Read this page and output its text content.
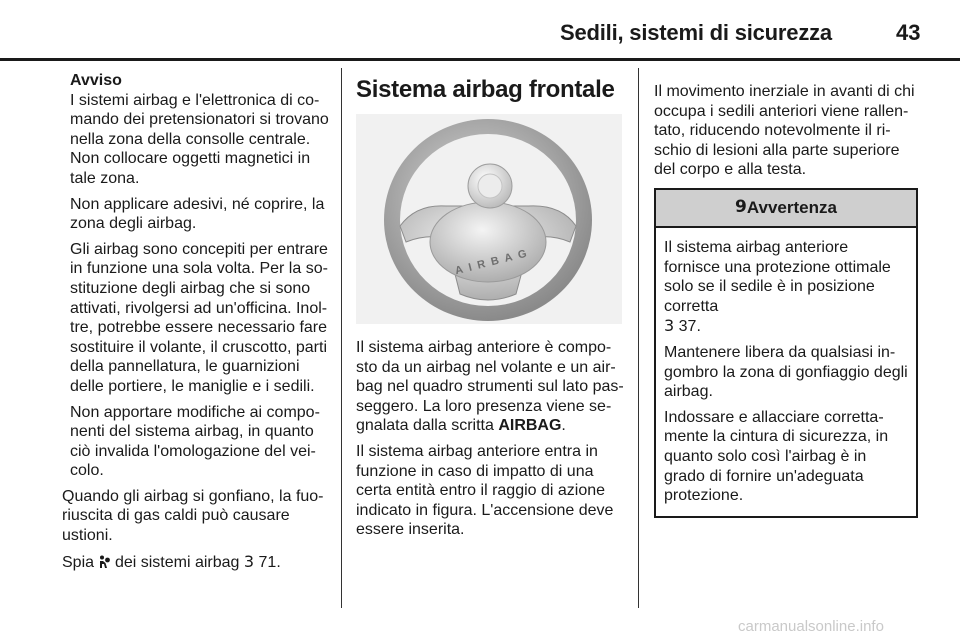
Sedili, sistemi di sicurezza	43

Avviso

I sistemi airbag e l'elettronica di co- mando dei pretensionatori si trovano nella zona della consolle centrale. Non collocare oggetti magnetici in tale zona.

Non applicare adesivi, né coprire, la zona degli airbag.

Gli airbag sono concepiti per entrare in funzione una sola volta. Per la so- stituzione degli airbag che si sono attivati, rivolgersi ad un'officina. Inol- tre, potrebbe essere necessario fare sostituire il volante, il cruscotto, parti della pannellatura, le guarnizioni delle portiere, le maniglie e i sedili.

Non apportare modifiche ai compo- nenti del sistema airbag, in quanto ciò invalida l'omologazione del vei- colo.

Quando gli airbag si gonfiano, la fuo- riuscita di gas caldi può causare ustioni.

Spia dei sistemi airbag 3 71.

Sistema airbag frontale
AIRBAG

Il sistema airbag anteriore è compo- sto da un airbag nel volante e un air- bag nel quadro strumenti sul lato pas- seggero. La loro presenza viene se- gnalata dalla scritta AIRBAG.

Il sistema airbag anteriore entra in funzione in caso di impatto di una certa entità entro il raggio di azione indicato in figura. L'accensione deve essere inserita.

Il movimento inerziale in avanti di chi occupa i sedili anteriori viene rallen- tato, riducendo notevolmente il ri- schio di lesioni alla parte superiore del corpo e alla testa.

9 Avvertenza

Il sistema airbag anteriore fornisce una protezione ottimale solo se il sedile è in posizione corretta
3 37.

Mantenere libera da qualsiasi in- gombro la zona di gonfiaggio degli airbag.

Indossare e allacciare corretta- mente la cintura di sicurezza, in quanto solo così l'airbag è in grado di fornire un'adeguata protezione.

carmanualsonline.info
